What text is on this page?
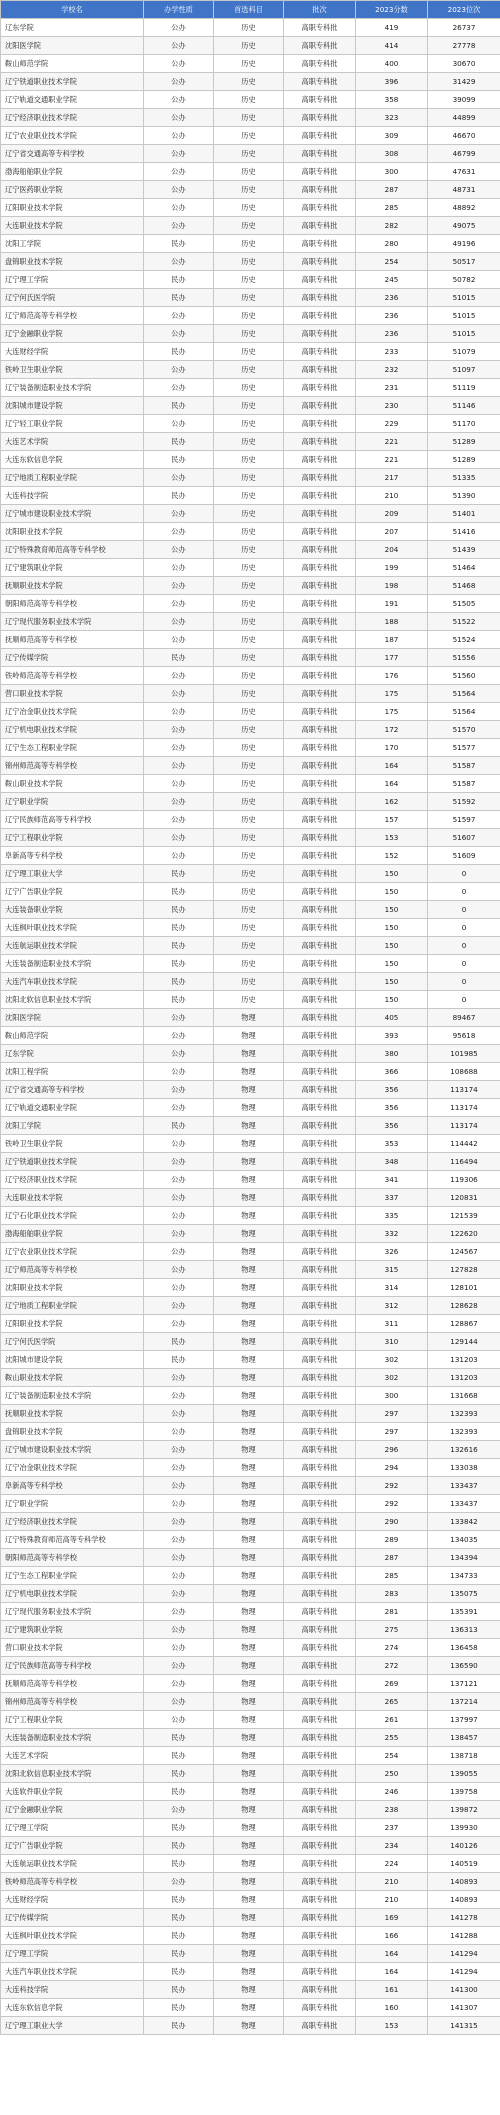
学校名	办学性质	首选科目	批次	2023分数	2023位次
辽东学院	公办	历史	高职专科批	419	26737
沈阳医学院	公办	历史	高职专科批	414	27778
鞍山师范学院	公办	历史	高职专科批	400	30670
辽宁铁道职业技术学院	公办	历史	高职专科批	396	31429
辽宁轨道交通职业学院	公办	历史	高职专科批	358	39099
辽宁经济职业技术学院	公办	历史	高职专科批	323	44899
辽宁农业职业技术学院	公办	历史	高职专科批	309	46670
辽宁省交通高等专科学校	公办	历史	高职专科批	308	46799
渤海船舶职业学院	公办	历史	高职专科批	300	47631
辽宁医药职业学院	公办	历史	高职专科批	287	48731
辽阳职业技术学院	公办	历史	高职专科批	285	48892
大连职业技术学院	公办	历史	高职专科批	282	49075
沈阳工学院	民办	历史	高职专科批	280	49196
盘锦职业技术学院	公办	历史	高职专科批	254	50517
辽宁理工学院	民办	历史	高职专科批	245	50782
辽宁何氏医学院	民办	历史	高职专科批	236	51015
辽宁师范高等专科学校	公办	历史	高职专科批	236	51015
辽宁金融职业学院	公办	历史	高职专科批	236	51015
大连财经学院	民办	历史	高职专科批	233	51079
铁岭卫生职业学院	公办	历史	高职专科批	232	51097
辽宁装备制造职业技术学院	公办	历史	高职专科批	231	51119
沈阳城市建设学院	民办	历史	高职专科批	230	51146
辽宁轻工职业学院	公办	历史	高职专科批	229	51170
大连艺术学院	民办	历史	高职专科批	221	51289
大连东软信息学院	民办	历史	高职专科批	221	51289
辽宁地质工程职业学院	公办	历史	高职专科批	217	51335
大连科技学院	民办	历史	高职专科批	210	51390
辽宁城市建设职业技术学院	公办	历史	高职专科批	209	51401
沈阳职业技术学院	公办	历史	高职专科批	207	51416
辽宁特殊教育师范高等专科学校	公办	历史	高职专科批	204	51439
辽宁建筑职业学院	公办	历史	高职专科批	199	51464
抚顺职业技术学院	公办	历史	高职专科批	198	51468
朝阳师范高等专科学校	公办	历史	高职专科批	191	51505
辽宁现代服务职业技术学院	公办	历史	高职专科批	188	51522
抚顺师范高等专科学校	公办	历史	高职专科批	187	51524
辽宁传媒学院	民办	历史	高职专科批	177	51556
铁岭师范高等专科学校	公办	历史	高职专科批	176	51560
营口职业技术学院	公办	历史	高职专科批	175	51564
辽宁冶金职业技术学院	公办	历史	高职专科批	175	51564
辽宁机电职业技术学院	公办	历史	高职专科批	172	51570
辽宁生态工程职业学院	公办	历史	高职专科批	170	51577
锦州师范高等专科学校	公办	历史	高职专科批	164	51587
鞍山职业技术学院	公办	历史	高职专科批	164	51587
辽宁职业学院	公办	历史	高职专科批	162	51592
辽宁民族师范高等专科学校	公办	历史	高职专科批	157	51597
辽宁工程职业学院	公办	历史	高职专科批	153	51607
阜新高等专科学校	公办	历史	高职专科批	152	51609
辽宁理工职业大学	民办	历史	高职专科批	150	0
辽宁广告职业学院	民办	历史	高职专科批	150	0
大连装备职业学院	民办	历史	高职专科批	150	0
大连枫叶职业技术学院	民办	历史	高职专科批	150	0
大连航运职业技术学院	民办	历史	高职专科批	150	0
大连装备制造职业技术学院	民办	历史	高职专科批	150	0
大连汽车职业技术学院	民办	历史	高职专科批	150	0
沈阳北软信息职业技术学院	民办	历史	高职专科批	150	0
沈阳医学院	公办	物理	高职专科批	405	89467
鞍山师范学院	公办	物理	高职专科批	393	95618
辽东学院	公办	物理	高职专科批	380	101985
沈阳工程学院	公办	物理	高职专科批	366	108688
辽宁省交通高等专科学校	公办	物理	高职专科批	356	113174
辽宁轨道交通职业学院	公办	物理	高职专科批	356	113174
沈阳工学院	民办	物理	高职专科批	356	113174
铁岭卫生职业学院	公办	物理	高职专科批	353	114442
辽宁铁道职业技术学院	公办	物理	高职专科批	348	116494
辽宁经济职业技术学院	公办	物理	高职专科批	341	119306
大连职业技术学院	公办	物理	高职专科批	337	120831
辽宁石化职业技术学院	公办	物理	高职专科批	335	121539
渤海船舶职业学院	公办	物理	高职专科批	332	122620
辽宁农业职业技术学院	公办	物理	高职专科批	326	124567
辽宁师范高等专科学校	公办	物理	高职专科批	315	127828
沈阳职业技术学院	公办	物理	高职专科批	314	128101
辽宁地质工程职业学院	公办	物理	高职专科批	312	128628
辽阳职业技术学院	公办	物理	高职专科批	311	128867
辽宁何氏医学院	民办	物理	高职专科批	310	129144
沈阳城市建设学院	民办	物理	高职专科批	302	131203
鞍山职业技术学院	公办	物理	高职专科批	302	131203
辽宁装备制造职业技术学院	公办	物理	高职专科批	300	131668
抚顺职业技术学院	公办	物理	高职专科批	297	132393
盘锦职业技术学院	公办	物理	高职专科批	297	132393
辽宁城市建设职业技术学院	公办	物理	高职专科批	296	132616
辽宁冶金职业技术学院	公办	物理	高职专科批	294	133038
阜新高等专科学校	公办	物理	高职专科批	292	133437
辽宁职业学院	公办	物理	高职专科批	292	133437
辽宁经济职业技术学院	公办	物理	高职专科批	290	133842
辽宁特殊教育师范高等专科学校	公办	物理	高职专科批	289	134035
朝阳师范高等专科学校	公办	物理	高职专科批	287	134394
辽宁生态工程职业学院	公办	物理	高职专科批	285	134733
辽宁机电职业技术学院	公办	物理	高职专科批	283	135075
辽宁现代服务职业技术学院	公办	物理	高职专科批	281	135391
辽宁建筑职业学院	公办	物理	高职专科批	275	136313
营口职业技术学院	公办	物理	高职专科批	274	136458
辽宁民族师范高等专科学校	公办	物理	高职专科批	272	136590
抚顺师范高等专科学校	公办	物理	高职专科批	269	137121
锦州师范高等专科学校	公办	物理	高职专科批	265	137214
辽宁工程职业学院	公办	物理	高职专科批	261	137997
大连装备制造职业技术学院	民办	物理	高职专科批	255	138457
大连艺术学院	民办	物理	高职专科批	254	138718
沈阳北软信息职业技术学院	民办	物理	高职专科批	250	139055
大连软件职业学院	民办	物理	高职专科批	246	139758
辽宁金融职业学院	公办	物理	高职专科批	238	139872
辽宁理工学院	民办	物理	高职专科批	237	139930
辽宁广告职业学院	民办	物理	高职专科批	234	140126
大连航运职业技术学院	民办	物理	高职专科批	224	140519
铁岭师范高等专科学校	公办	物理	高职专科批	210	140893
大连财经学院	民办	物理	高职专科批	210	140893
辽宁传媒学院	民办	物理	高职专科批	169	141278
大连枫叶职业技术学院	民办	物理	高职专科批	166	141288
辽宁理工学院	民办	物理	高职专科批	164	141294
大连汽车职业技术学院	民办	物理	高职专科批	164	141294
大连科技学院	民办	物理	高职专科批	161	141300
大连东软信息学院	民办	物理	高职专科批	160	141307
辽宁理工职业大学	民办	物理	高职专科批	153	141315
